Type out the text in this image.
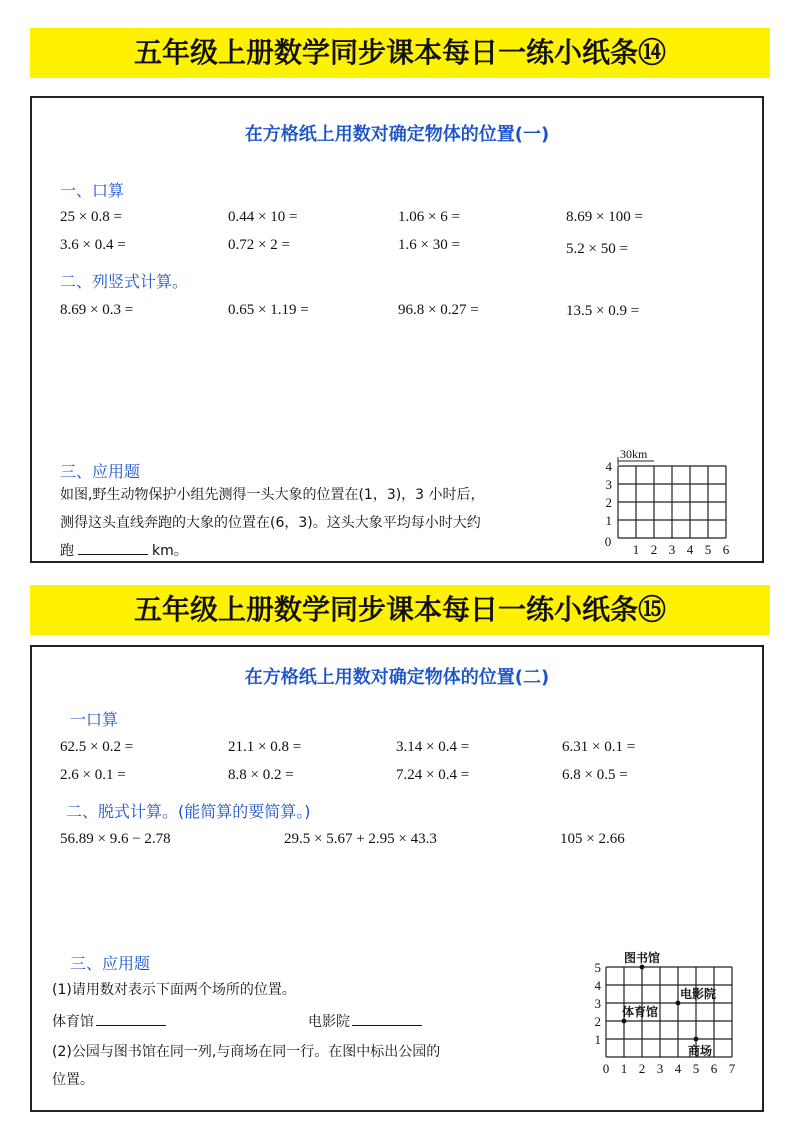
五年级上册数学同步课本每日一练小纸条⑭
在方格纸上用数对确定物体的位置(一)
一、口算
25 × 0.8 =	0.44 × 10 =	1.06 × 6 =	8.69 × 100 =
3.6 × 0.4 =	0.72 × 2 =	1.6 × 30 =	5.2 × 50 =
二、列竖式计算。
8.69 × 0.3 =	0.65 × 1.19 =	96.8 × 0.27 =	13.5 × 0.9 =
三、应用题
如图,野生动物保护小组先测得一头大象的位置在(1，3)，3 小时后，
测得这头直线奔跑的大象的位置在(6，3)。这头大象平均每小时大约
跑	km。
4
3
2
1
1 2 3 4 5 6
0
30km
五年级上册数学同步课本每日一练小纸条⑮
在方格纸上用数对确定物体的位置(二)
一口算
62.5 × 0.2 =	21.1 × 0.8 =	3.14 × 0.4 =	6.31 × 0.1 =
2.6 × 0.1 =	8.8 × 0.2 =	7.24 × 0.4 =	6.8 × 0.5 =
二、脱式计算。(能简算的要简算。)
56.89 × 9.6 − 2.78	29.5 × 5.67 + 2.95 × 43.3	105 × 2.66
三、应用题
(1)请用数对表示下面两个场所的位置。
体育馆	电影院
(2)公园与图书馆在同一列,与商场在同一行。在图中标出公园的
位置。
5
4
3
2
1
0 1 2 3 4 5 6 7
图书馆
电影院
体育馆
商场
